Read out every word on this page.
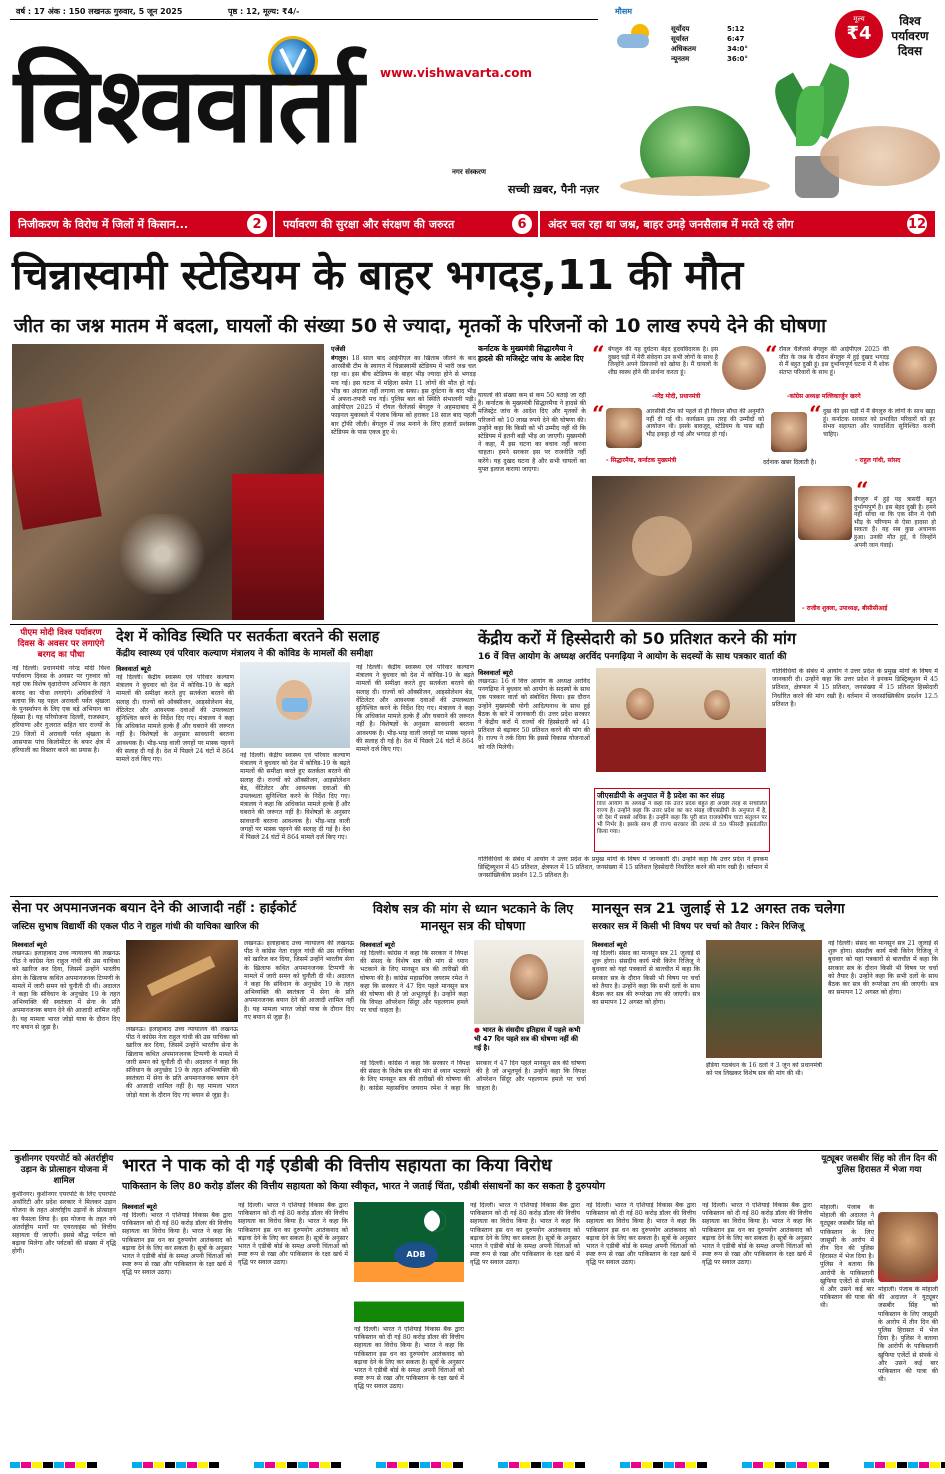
वर्ष : 17 अंक : 150 लखनऊ गुरुवार, 5 जून 2025	पृष्ठ : 12, मूल्य: ₹4/-
www.vishwavarta.com
विश्ववार्ता
नगर संस्करण
सच्ची ख़बर, पैनी नज़र
मौसम
सूर्योदय	5:12
सूर्यास्त	6:47
अधिकतम	34:0°
न्यूनतम	36:0°
मूल्य
₹4
विश्व पर्यावरण दिवस
निजीकरण के विरोध में जिलों में किसान...	2	पर्यावरण की सुरक्षा और संरक्षण की जरुरत	6	अंदर चल रहा था जश्न, बाहर उमड़े जनसैलाब में मरते रहे लोग	12
चिन्नास्वामी स्टेडियम के बाहर भगदड़,11 की मौत
जीत का जश्न मातम में बदला, घायलों की संख्या 50 से ज्यादा, मृतकों के परिजनों को 10 लाख रुपये देने की घोषणा
एजेंसी
बेंगलुरु। 18 साल बाद आईपीएल का खिताब जीतने के बाद आरसीबी टीम के स्वागत में चिन्नास्वामी स्टेडियम में भारी जश्न चल रहा था। इस बीच स्टेडियम के बाहर भीड़ ज्यादा होने से भगदड़ मच गई। इस घटना में महिला समेत 11 लोगों की मौत हो गई। भीड़ का अंदाजा नहीं लगाया जा सका। इस दुर्घटना के बाद भीड़ में अफरा-तफरी मच गई। पुलिस बल को स्थिति संभालनी पड़ी। आईपीएल 2025 में रॉयल चैलेंजर्स बेंगलुरु ने अहमदाबाद में फाइनल मुकाबले में पंजाब किंग्स को हराकर 18 साल बाद पहली बार ट्रॉफी जीती। बेंगलुरु में जश्न मनाने के लिए हजारों प्रशंसक स्टेडियम के पास एकत्र हुए थे।
कर्नाटक के मुख्यमंत्री सिद्धारमैया ने हादसे की मजिस्ट्रेट जांच के आदेश दिए
घायलों की संख्या कम से कम 50 बताई जा रही है। कर्नाटक के मुख्यमंत्री सिद्धारमैया ने हादसे की मजिस्ट्रेट जांच के आदेश दिए और मृतकों के परिजनों को 10 लाख रुपये देने की घोषणा की। उन्होंने कहा कि किसी को भी उम्मीद नहीं थी कि स्टेडियम में इतनी बड़ी भीड़ आ जाएगी। मुख्यमंत्री ने कहा, मैं इस घटना का बचाव नहीं करना चाहता। हमने सरकार इस पर राजनीति नहीं करेंगे। यह दुखद घटना है और सभी घायलों का मुफ्त इलाज कराया जाएगा।
“ बेंगलुरु की यह दुर्घटना बेहद हृदयविदारक है। इस दुखद घड़ी में मेरी संवेदना उन सभी लोगों के साथ है जिन्होंने अपने प्रियजनों को खोया है। मैं घायलों के शीघ्र स्वस्थ होने की प्रार्थना करता हूं।
-नरेंद्र मोदी, प्रधानमंत्री
“ रॉयल चैलेंजर्स बेंगलुरु की आईपीएल 2025 की जीत के जश्न के दौरान बेंगलुरु में हुई दुखद भगदड़ से मैं बहुत दुखी हूं। इस दुर्भाग्यपूर्ण घटना में मैं शोक संतप्त परिवारों के साथ हूं।
-कांग्रेस अध्यक्ष मल्लिकार्जुन खरगे
“	आरसीबी टीम को पहले से ही विधान सौधा की अनुमति नहीं दी गई थी। कार्यक्रम इस तरह की उम्मीदों को आयोजन थी। इसके बावजूद, स्टेडियम के पास बड़ी भीड़ इकट्ठा हो गई और भगदड़ हो गई।
- सिद्धारमैया, कर्नाटक मुख्यमंत्री
“ दुख की इस घड़ी में मैं बेंगलुरु के लोगों के साथ खड़ा हूं। कर्नाटक सरकार को प्रभावित परिवारों को हर संभव सहायता और पारदर्शिता सुनिश्चित करनी चाहिए।
- राहुल गांधी, सांसद
दर्दनाक खबर दिलाती है।
“
बेंगलुरु में हुई यह त्रासदी बहुत दुर्भाग्यपूर्ण है। इस बेहद दुखी है। हमने नहीं सोचा था कि एक सीन में ऐसी भीड़ के परिणाम से ऐसा हादसा हो सकता है। यह सब कुछ अचानक हुआ। उनकी मौत हुई, ये जिन्होंने अपनी जान गंवाई।
- राजीव शुक्ला, उपाध्यक्ष, बीसीसीआई
पीएम मोदी विश्व पर्यावरण दिवस के अवसर पर लगाएंगे बरगद का पौधा
नई दिल्ली। प्रधानमंत्री नरेन्द्र मोदी विश्व पर्यावरण दिवस के अवसर पर गुरुवार को यहां एक विशेष वृक्षारोपण अभियान के तहत बरगद का पौधा लगाएंगे। अधिकारियों ने बताया कि यह पहल अरावली पर्वत श्रृंखला के पुनर्स्थापन के लिए एक बड़े अभियान का हिस्सा है। यह परियोजना दिल्ली, राजस्थान, हरियाणा और गुजरात सहित चार राज्यों के 29 जिलों में अरावली पर्वत श्रृंखला के आसपास पांच किलोमीटर के बफर क्षेत्र में हरियाली का विस्तार करने का प्रयास है।
देश में कोविड स्थिति पर सतर्कता बरतने की सलाह
केंद्रीय स्वास्थ्य एवं परिवार कल्याण मंत्रालय ने की कोविड के मामलों की समीक्षा
विश्ववार्ता ब्यूरो
नई दिल्ली। केंद्रीय स्वास्थ्य एवं परिवार कल्याण मंत्रालय ने बुधवार को देश में कोविड-19 के बढ़ते मामलों की समीक्षा करते हुए सतर्कता बरतने की सलाह दी। राज्यों को ऑक्सीजन, आइसोलेशन बेड, वेंटिलेटर और आवश्यक दवाओं की उपलब्धता सुनिश्चित करने के निर्देश दिए गए। मंत्रालय ने कहा कि अधिकांश मामले हल्के हैं और घबराने की जरूरत नहीं है। विशेषज्ञों के अनुसार सावधानी बरतना आवश्यक है। भीड़-भाड़ वाली जगहों पर मास्क पहनने की सलाह दी गई है। देश में पिछले 24 घंटों में 864 मामले दर्ज किए गए।
नई दिल्ली। केंद्रीय स्वास्थ्य एवं परिवार कल्याण मंत्रालय ने बुधवार को देश में कोविड-19 के बढ़ते मामलों की समीक्षा करते हुए सतर्कता बरतने की सलाह दी। राज्यों को ऑक्सीजन, आइसोलेशन बेड, वेंटिलेटर और आवश्यक दवाओं की उपलब्धता सुनिश्चित करने के निर्देश दिए गए। मंत्रालय ने कहा कि अधिकांश मामले हल्के हैं और घबराने की जरूरत नहीं है। विशेषज्ञों के अनुसार सावधानी बरतना आवश्यक है। भीड़-भाड़ वाली जगहों पर मास्क पहनने की सलाह दी गई है। देश में पिछले 24 घंटों में 864 मामले दर्ज किए गए।
नई दिल्ली। केंद्रीय स्वास्थ्य एवं परिवार कल्याण मंत्रालय ने बुधवार को देश में कोविड-19 के बढ़ते मामलों की समीक्षा करते हुए सतर्कता बरतने की सलाह दी। राज्यों को ऑक्सीजन, आइसोलेशन बेड, वेंटिलेटर और आवश्यक दवाओं की उपलब्धता सुनिश्चित करने के निर्देश दिए गए। मंत्रालय ने कहा कि अधिकांश मामले हल्के हैं और घबराने की जरूरत नहीं है। विशेषज्ञों के अनुसार सावधानी बरतना आवश्यक है। भीड़-भाड़ वाली जगहों पर मास्क पहनने की सलाह दी गई है। देश में पिछले 24 घंटों में 864 मामले दर्ज किए गए।
केंद्रीय करों में हिस्सेदारी को 50 प्रतिशत करने की मांग
16 वें वित्त आयोग के अध्यक्ष अरविंद पनगढ़िया ने आयोग के सदस्यों के साथ पत्रकार वार्ता की
विश्ववार्ता ब्यूरो
लखनऊ। 16 वें वित्त आयोग के अध्यक्ष अरविंद पनगढ़िया ने बुधवार को आयोग के सदस्यों के साथ एक पत्रकार वार्ता को संबोधित किया। इस दौरान उन्होंने मुख्यमंत्री योगी आदित्यनाथ के साथ हुई बैठक के बारे में जानकारी दी। उत्तर प्रदेश सरकार ने केंद्रीय करों में राज्यों की हिस्सेदारी को 41 प्रतिशत से बढ़ाकर 50 प्रतिशत करने की मांग की है। राज्य ने तर्क दिया कि इससे विकास योजनाओं को गति मिलेगी।
गतिविधियों के संबंध में आयोग ने उत्तर प्रदेश के प्रमुख मांगों के विषय में जानकारी दी। उन्होंने कहा कि उत्तर प्रदेश ने इनकम डिस्ट्रिब्यूशन में 45 प्रतिशत, क्षेत्रफल में 15 प्रतिशत, जनसंख्या में 15 प्रतिशत हिस्सेदारी निर्धारित करने की मांग रखी है। वर्तमान में जनसांख्यिकीय प्रदर्शन 12.5 प्रतिशत है।
जीएसडीपी के अनुपात में है प्रदेश का कर संग्रह
वित्त आयोग के अध्यक्ष ने कहा कि उत्तर प्रदेश बहुत ही अच्छी तरह से संचालित राज्य है। उन्होंने कहा कि उत्तर प्रदेश का कर संग्रह जीएसडीपी के अनुपात में है, जो देश में सबसे अधिक है। उन्होंने कहा कि पूरी बात राजकोषीय घाटा संतुलन पर भी निर्भर है। इसके साथ ही राज्य सरकार की तरफ से 59 फीसदी हस्तांतरित किया गया।
गतिविधियों के संबंध में आयोग ने उत्तर प्रदेश के प्रमुख मांगों के विषय में जानकारी दी। उन्होंने कहा कि उत्तर प्रदेश ने इनकम डिस्ट्रिब्यूशन में 45 प्रतिशत, क्षेत्रफल में 15 प्रतिशत, जनसंख्या में 15 प्रतिशत हिस्सेदारी निर्धारित करने की मांग रखी है। वर्तमान में जनसांख्यिकीय प्रदर्शन 12.5 प्रतिशत है।
सेना पर अपमानजनक बयान देने की आजादी नहीं : हाईकोर्ट
जस्टिस सुभाष विद्यार्थी की एकल पीठ ने राहुल गांधी की याचिका खारिज की
विश्ववार्ता ब्यूरो
लखनऊ। इलाहाबाद उच्च न्यायालय की लखनऊ पीठ ने कांग्रेस नेता राहुल गांधी की उस याचिका को खारिज कर दिया, जिसमें उन्होंने भारतीय सेना के खिलाफ कथित अपमानजनक टिप्पणी के मामले में जारी समन को चुनौती दी थी। अदालत ने कहा कि संविधान के अनुच्छेद 19 के तहत अभिव्यक्ति की स्वतंत्रता में सेना के प्रति अपमानजनक बयान देने की आजादी शामिल नहीं है। यह मामला भारत जोड़ो यात्रा के दौरान दिए गए बयान से जुड़ा है।	लखनऊ। इलाहाबाद उच्च न्यायालय की लखनऊ पीठ ने कांग्रेस नेता राहुल गांधी की उस याचिका को खारिज कर दिया, जिसमें उन्होंने भारतीय सेना के खिलाफ कथित अपमानजनक टिप्पणी के मामले में जारी समन को चुनौती दी थी। अदालत ने कहा कि संविधान के अनुच्छेद 19 के तहत अभिव्यक्ति की स्वतंत्रता में सेना के प्रति अपमानजनक बयान देने की आजादी शामिल नहीं है। यह मामला भारत जोड़ो यात्रा के दौरान दिए गए बयान से जुड़ा है।
लखनऊ। इलाहाबाद उच्च न्यायालय की लखनऊ पीठ ने कांग्रेस नेता राहुल गांधी की उस याचिका को खारिज कर दिया, जिसमें उन्होंने भारतीय सेना के खिलाफ कथित अपमानजनक टिप्पणी के मामले में जारी समन को चुनौती दी थी। अदालत ने कहा कि संविधान के अनुच्छेद 19 के तहत अभिव्यक्ति की स्वतंत्रता में सेना के प्रति अपमानजनक बयान देने की आजादी शामिल नहीं है। यह मामला भारत जोड़ो यात्रा के दौरान दिए गए बयान से जुड़ा है।
विशेष सत्र की मांग से ध्यान भटकाने के लिए मानसून सत्र की घोषणा
विश्ववार्ता ब्यूरो
नई दिल्ली। कांग्रेस ने कहा कि सरकार ने विपक्ष की संसद के विशेष सत्र की मांग से ध्यान भटकाने के लिए मानसून सत्र की तारीखों की घोषणा की है। कांग्रेस महासचिव जयराम रमेश ने कहा कि सरकार ने 47 दिन पहले मानसून सत्र की घोषणा की है जो अभूतपूर्व है। उन्होंने कहा कि विपक्ष ऑपरेशन सिंदूर और पहलगाम हमले पर चर्चा चाहता है।
● भारत के संसदीय इतिहास में पहले कभी भी 47 दिन पहले सत्र की घोषणा नहीं की गई है।
नई दिल्ली। कांग्रेस ने कहा कि सरकार ने विपक्ष की संसद के विशेष सत्र की मांग से ध्यान भटकाने के लिए मानसून सत्र की तारीखों की घोषणा की है। कांग्रेस महासचिव जयराम रमेश ने कहा कि सरकार ने 47 दिन पहले मानसून सत्र की घोषणा की है जो अभूतपूर्व है। उन्होंने कहा कि विपक्ष ऑपरेशन सिंदूर और पहलगाम हमले पर चर्चा चाहता है।
मानसून सत्र 21 जुलाई से 12 अगस्त तक चलेगा
सरकार सत्र में किसी भी विषय पर चर्चा को तैयार : किरेन रिजिजू
विश्ववार्ता ब्यूरो
नई दिल्ली। संसद का मानसून सत्र 21 जुलाई से शुरू होगा। संसदीय कार्य मंत्री किरेन रिजिजू ने बुधवार को यहां पत्रकारों से बातचीत में कहा कि सरकार सत्र के दौरान किसी भी विषय पर चर्चा को तैयार है। उन्होंने कहा कि सभी दलों के साथ बैठक कर सत्र की रूपरेखा तय की जाएगी। सत्र का समापन 12 अगस्त को होगा।
इंडिया गठबंधन के 16 दलों ने 3 जून को प्रधानमंत्री को पत्र लिखकर विशेष सत्र की मांग की थी।
नई दिल्ली। संसद का मानसून सत्र 21 जुलाई से शुरू होगा। संसदीय कार्य मंत्री किरेन रिजिजू ने बुधवार को यहां पत्रकारों से बातचीत में कहा कि सरकार सत्र के दौरान किसी भी विषय पर चर्चा को तैयार है। उन्होंने कहा कि सभी दलों के साथ बैठक कर सत्र की रूपरेखा तय की जाएगी। सत्र का समापन 12 अगस्त को होगा।
कुशीनगर एयरपोर्ट को अंतर्राष्ट्रीय उड़ान के प्रोत्साहन योजना में शामिल
कुशीनगर। कुशीनगर एयरपोर्ट के लिए एयरपोर्ट अथॉरिटी और प्रदेश सरकार ने मिलकर उड़ान योजना के तहत अंतर्राष्ट्रीय उड़ानों के प्रोत्साहन का फैसला लिया है। इस योजना के तहत नये अंतर्राष्ट्रीय मार्गों पर एयरलाइंस को वित्तीय सहायता दी जाएगी। इससे बौद्ध पर्यटन को बढ़ावा मिलेगा और पर्यटकों की संख्या में वृद्धि होगी।
भारत ने पाक को दी गई एडीबी की वित्तीय सहायता का किया विरोध
पाकिस्तान के लिए 80 करोड़ डॉलर की वित्तीय सहायता को किया स्वीकृत, भारत ने जताई चिंता, एडीबी संसाधनों का कर सकता है दुरुपयोग
विश्ववार्ता ब्यूरो
नई दिल्ली। भारत ने एशियाई विकास बैंक द्वारा पाकिस्तान को दी गई 80 करोड़ डॉलर की वित्तीय सहायता का विरोध किया है। भारत ने कहा कि पाकिस्तान इस धन का दुरुपयोग आतंकवाद को बढ़ावा देने के लिए कर सकता है। सूत्रों के अनुसार भारत ने एडीबी बोर्ड के समक्ष अपनी चिंताओं को स्पष्ट रूप से रखा और पाकिस्तान के रक्षा खर्च में वृद्धि पर सवाल उठाए।
नई दिल्ली। भारत ने एशियाई विकास बैंक द्वारा पाकिस्तान को दी गई 80 करोड़ डॉलर की वित्तीय सहायता का विरोध किया है। भारत ने कहा कि पाकिस्तान इस धन का दुरुपयोग आतंकवाद को बढ़ावा देने के लिए कर सकता है। सूत्रों के अनुसार भारत ने एडीबी बोर्ड के समक्ष अपनी चिंताओं को स्पष्ट रूप से रखा और पाकिस्तान के रक्षा खर्च में वृद्धि पर सवाल उठाए।
ADB
नई दिल्ली। भारत ने एशियाई विकास बैंक द्वारा पाकिस्तान को दी गई 80 करोड़ डॉलर की वित्तीय सहायता का विरोध किया है। भारत ने कहा कि पाकिस्तान इस धन का दुरुपयोग आतंकवाद को बढ़ावा देने के लिए कर सकता है। सूत्रों के अनुसार भारत ने एडीबी बोर्ड के समक्ष अपनी चिंताओं को स्पष्ट रूप से रखा और पाकिस्तान के रक्षा खर्च में वृद्धि पर सवाल उठाए।
नई दिल्ली। भारत ने एशियाई विकास बैंक द्वारा पाकिस्तान को दी गई 80 करोड़ डॉलर की वित्तीय सहायता का विरोध किया है। भारत ने कहा कि पाकिस्तान इस धन का दुरुपयोग आतंकवाद को बढ़ावा देने के लिए कर सकता है। सूत्रों के अनुसार भारत ने एडीबी बोर्ड के समक्ष अपनी चिंताओं को स्पष्ट रूप से रखा और पाकिस्तान के रक्षा खर्च में वृद्धि पर सवाल उठाए।
नई दिल्ली। भारत ने एशियाई विकास बैंक द्वारा पाकिस्तान को दी गई 80 करोड़ डॉलर की वित्तीय सहायता का विरोध किया है। भारत ने कहा कि पाकिस्तान इस धन का दुरुपयोग आतंकवाद को बढ़ावा देने के लिए कर सकता है। सूत्रों के अनुसार भारत ने एडीबी बोर्ड के समक्ष अपनी चिंताओं को स्पष्ट रूप से रखा और पाकिस्तान के रक्षा खर्च में वृद्धि पर सवाल उठाए।
नई दिल्ली। भारत ने एशियाई विकास बैंक द्वारा पाकिस्तान को दी गई 80 करोड़ डॉलर की वित्तीय सहायता का विरोध किया है। भारत ने कहा कि पाकिस्तान इस धन का दुरुपयोग आतंकवाद को बढ़ावा देने के लिए कर सकता है। सूत्रों के अनुसार भारत ने एडीबी बोर्ड के समक्ष अपनी चिंताओं को स्पष्ट रूप से रखा और पाकिस्तान के रक्षा खर्च में वृद्धि पर सवाल उठाए।
यूट्यूबर जसबीर सिंह को तीन दिन की पुलिस हिरासत में भेजा गया
मोहाली। पंजाब के मोहाली की अदालत ने यूट्यूबर जसबीर सिंह को पाकिस्तान के लिए जासूसी के आरोप में तीन दिन की पुलिस हिरासत में भेज दिया है। पुलिस ने बताया कि आरोपी के पाकिस्तानी खुफिया एजेंटों से संपर्क थे और उसने कई बार पाकिस्तान की यात्रा की थी।
मोहाली। पंजाब के मोहाली की अदालत ने यूट्यूबर जसबीर सिंह को पाकिस्तान के लिए जासूसी के आरोप में तीन दिन की पुलिस हिरासत में भेज दिया है। पुलिस ने बताया कि आरोपी के पाकिस्तानी खुफिया एजेंटों से संपर्क थे और उसने कई बार पाकिस्तान की यात्रा की थी।
